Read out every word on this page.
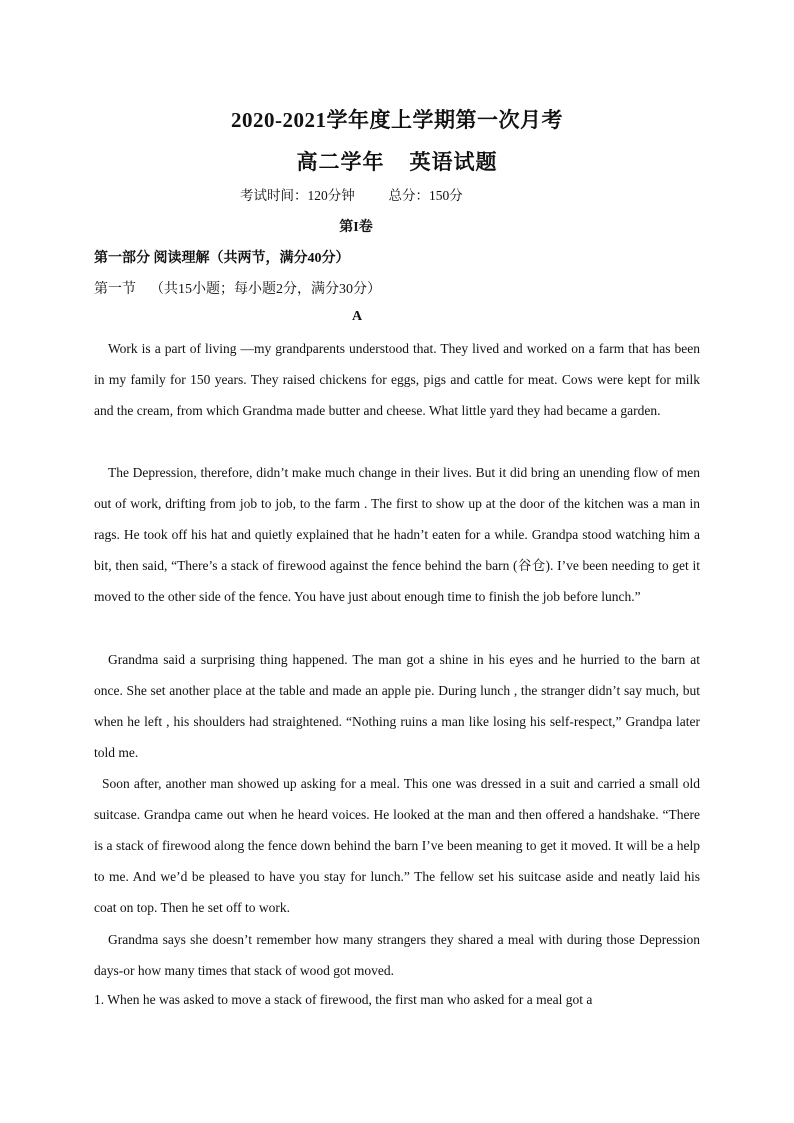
2020-2021学年度上学期第一次月考
高二学年    英语试题
考试时间：120分钟          总分：150分
第I卷
第一部分 阅读理解（共两节，满分40分）
第一节    （共15小题；每小题2分，满分30分）
A
Work is a part of living —my grandparents understood that. They lived and worked on a farm that has been in my family for 150 years. They raised chickens for eggs, pigs and cattle for meat. Cows were kept for milk and the cream, from which Grandma made butter and cheese. What little yard they had became a garden.
The Depression, therefore, didn’t make much change in their lives. But it did bring an unending flow of men out of work, drifting from job to job, to the farm . The first to show up at the door of the kitchen was a man in rags. He took off his hat and quietly explained that he hadn’t eaten for a while. Grandpa stood watching him a bit, then said, “There’s a stack of firewood against the fence behind the barn (谷仓). I’ve been needing to get it moved to the other side of the fence. You have just about enough time to finish the job before lunch.”
Grandma said a surprising thing happened. The man got a shine in his eyes and he hurried to the barn at once. She set another place at the table and made an apple pie. During lunch , the stranger didn’t say much, but when he left , his shoulders had straightened. “Nothing ruins a man like losing his self-respect,” Grandpa later told me.
Soon after, another man showed up asking for a meal. This one was dressed in a suit and carried a small old suitcase. Grandpa came out when he heard voices. He looked at the man and then offered a handshake. “There is a stack of firewood along the fence down behind the barn I’ve been meaning to get it moved. It will be a help to me. And we’d be pleased to have you stay for lunch.” The fellow set his suitcase aside and neatly laid his coat on top. Then he set off to work.
Grandma says she doesn’t remember how many strangers they shared a meal with during those Depression days-or how many times that stack of wood got moved.
1. When he was asked to move a stack of firewood, the first man who asked for a meal got a
